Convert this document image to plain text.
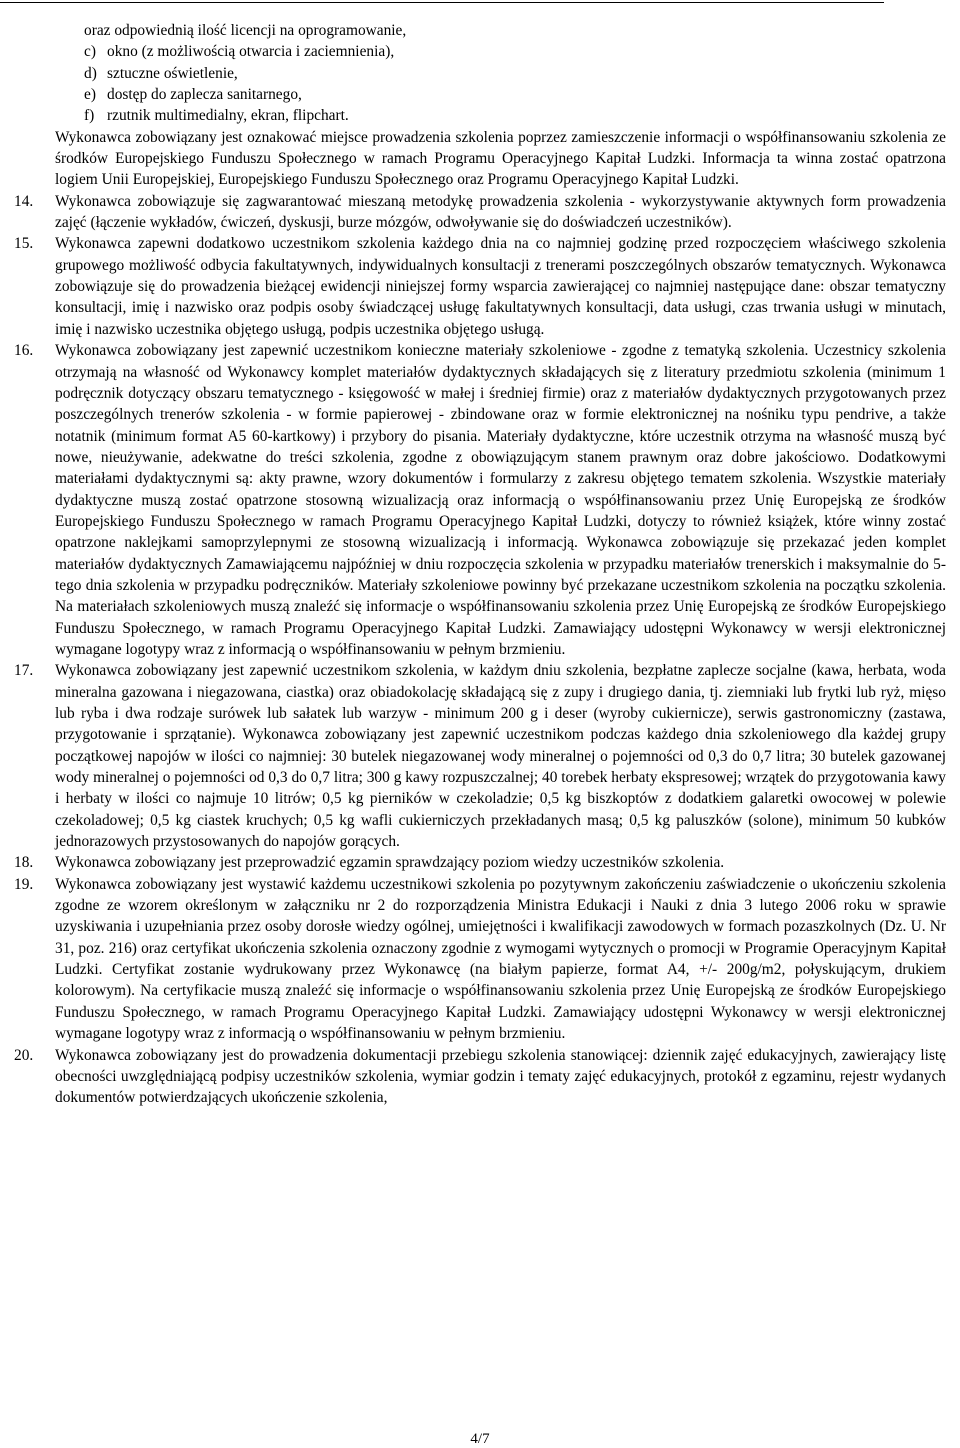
oraz odpowiednią ilość licencji na oprogramowanie,
c) okno (z możliwością otwarcia i zaciemnienia),
d) sztuczne oświetlenie,
e) dostęp do zaplecza sanitarnego,
f) rzutnik multimedialny, ekran, flipchart.
Wykonawca zobowiązany jest oznakować miejsce prowadzenia szkolenia poprzez zamieszczenie informacji o współfinansowaniu szkolenia ze środków Europejskiego Funduszu Społecznego w ramach Programu Operacyjnego Kapitał Ludzki. Informacja ta winna zostać opatrzona logiem Unii Europejskiej, Europejskiego Funduszu Społecznego oraz Programu Operacyjnego Kapitał Ludzki.
14.	Wykonawca zobowiązuje się zagwarantować mieszaną metodykę prowadzenia szkolenia - wykorzystywanie aktywnych form prowadzenia zajęć (łączenie wykładów, ćwiczeń, dyskusji, burze mózgów, odwoływanie się do doświadczeń uczestników).
15.	Wykonawca zapewni dodatkowo uczestnikom szkolenia każdego dnia na co najmniej godzinę przed rozpoczęciem właściwego szkolenia grupowego możliwość odbycia fakultatywnych, indywidualnych konsultacji z trenerami poszczególnych obszarów tematycznych. Wykonawca zobowiązuje się do prowadzenia bieżącej ewidencji niniejszej formy wsparcia zawierającej co najmniej następujące dane: obszar tematyczny konsultacji, imię i nazwisko oraz podpis osoby świadczącej usługę fakultatywnych konsultacji, data usługi, czas trwania usługi w minutach, imię i nazwisko uczestnika objętego usługą, podpis uczestnika objętego usługą.
16.	Wykonawca zobowiązany jest zapewnić uczestnikom konieczne materiały szkoleniowe - zgodne z tematyką szkolenia. Uczestnicy szkolenia otrzymają na własność od Wykonawcy komplet materiałów dydaktycznych składających się z literatury przedmiotu szkolenia (minimum 1 podręcznik dotyczący obszaru tematycznego - księgowość w małej i średniej firmie) oraz z materiałów dydaktycznych przygotowanych przez poszczególnych trenerów szkolenia - w formie papierowej - zbindowane oraz w formie elektronicznej na nośniku typu pendrive, a także notatnik (minimum format A5 60-kartkowy) i przybory do pisania. Materiały dydaktyczne, które uczestnik otrzyma na własność muszą być nowe, nieużywanie, adekwatne do treści szkolenia, zgodne z obowiązującym stanem prawnym oraz dobre jakościowo. Dodatkowymi materiałami dydaktycznymi są: akty prawne, wzory dokumentów i formularzy z zakresu objętego tematem szkolenia. Wszystkie materiały dydaktyczne muszą zostać opatrzone stosowną wizualizacją oraz informacją o współfinansowaniu przez Unię Europejską ze środków Europejskiego Funduszu Społecznego w ramach Programu Operacyjnego Kapitał Ludzki, dotyczy to również książek, które winny zostać opatrzone naklejkami samoprzylepnymi ze stosowną wizualizacją i informacją. Wykonawca zobowiązuje się przekazać jeden komplet materiałów dydaktycznych Zamawiającemu najpóźniej w dniu rozpoczęcia szkolenia w przypadku materiałów trenerskich i maksymalnie do 5-tego dnia szkolenia w przypadku podręczników. Materiały szkoleniowe powinny być przekazane uczestnikom szkolenia na początku szkolenia. Na materiałach szkoleniowych muszą znaleźć się informacje o współfinansowaniu szkolenia przez Unię Europejską ze środków Europejskiego Funduszu Społecznego, w ramach Programu Operacyjnego Kapitał Ludzki. Zamawiający udostępni Wykonawcy w wersji elektronicznej wymagane logotypy wraz z informacją o współfinansowaniu w pełnym brzmieniu.
17.	Wykonawca zobowiązany jest zapewnić uczestnikom szkolenia, w każdym dniu szkolenia, bezpłatne zaplecze socjalne (kawa, herbata, woda mineralna gazowana i niegazowana, ciastka) oraz obiadokolację składającą się z zupy i drugiego dania, tj. ziemniaki lub frytki lub ryż, mięso lub ryba i dwa rodzaje surówek lub sałatek lub warzyw - minimum 200 g i deser (wyroby cukiernicze), serwis gastronomiczny (zastawa, przygotowanie i sprzątanie). Wykonawca zobowiązany jest zapewnić uczestnikom podczas każdego dnia szkoleniowego dla każdej grupy początkowej napojów w ilości co najmniej: 30 butelek niegazowanej wody mineralnej o pojemności od 0,3 do 0,7 litra; 30 butelek gazowanej wody mineralnej o pojemności od 0,3 do 0,7 litra; 300 g kawy rozpuszczalnej; 40 torebek herbaty ekspresowej; wrzątek do przygotowania kawy i herbaty w ilości co najmuje 10 litrów; 0,5 kg pierników w czekoladzie; 0,5 kg biszkoptów z dodatkiem galaretki owocowej w polewie czekoladowej; 0,5 kg ciastek kruchych; 0,5 kg wafli cukierniczych przekładanych masą; 0,5 kg paluszków (solone), minimum 50 kubków jednorazowych przystosowanych do napojów gorących.
18.	Wykonawca zobowiązany jest przeprowadzić egzamin sprawdzający poziom wiedzy uczestników szkolenia.
19.	Wykonawca zobowiązany jest wystawić każdemu uczestnikowi szkolenia po pozytywnym zakończeniu zaświadczenie o ukończeniu szkolenia zgodne ze wzorem określonym w załączniku nr 2 do rozporządzenia Ministra Edukacji i Nauki z dnia 3 lutego 2006 roku w sprawie uzyskiwania i uzupełniania przez osoby dorosłe wiedzy ogólnej, umiejętności i kwalifikacji zawodowych w formach pozaszkolnych (Dz. U. Nr 31, poz. 216) oraz certyfikat ukończenia szkolenia oznaczony zgodnie z wymogami wytycznych o promocji w Programie Operacyjnym Kapitał Ludzki. Certyfikat zostanie wydrukowany przez Wykonawcę (na białym papierze, format A4, +/- 200g/m2, połyskującym, drukiem kolorowym). Na certyfikacie muszą znaleźć się informacje o współfinansowaniu szkolenia przez Unię Europejską ze środków Europejskiego Funduszu Społecznego, w ramach Programu Operacyjnego Kapitał Ludzki. Zamawiający udostępni Wykonawcy w wersji elektronicznej wymagane logotypy wraz z informacją o współfinansowaniu w pełnym brzmieniu.
20.	Wykonawca zobowiązany jest do prowadzenia dokumentacji przebiegu szkolenia stanowiącej: dziennik zajęć edukacyjnych, zawierający listę obecności uwzględniającą podpisy uczestników szkolenia, wymiar godzin i tematy zajęć edukacyjnych, protokół z egzaminu, rejestr wydanych dokumentów potwierdzających ukończenie szkolenia,
4/7
